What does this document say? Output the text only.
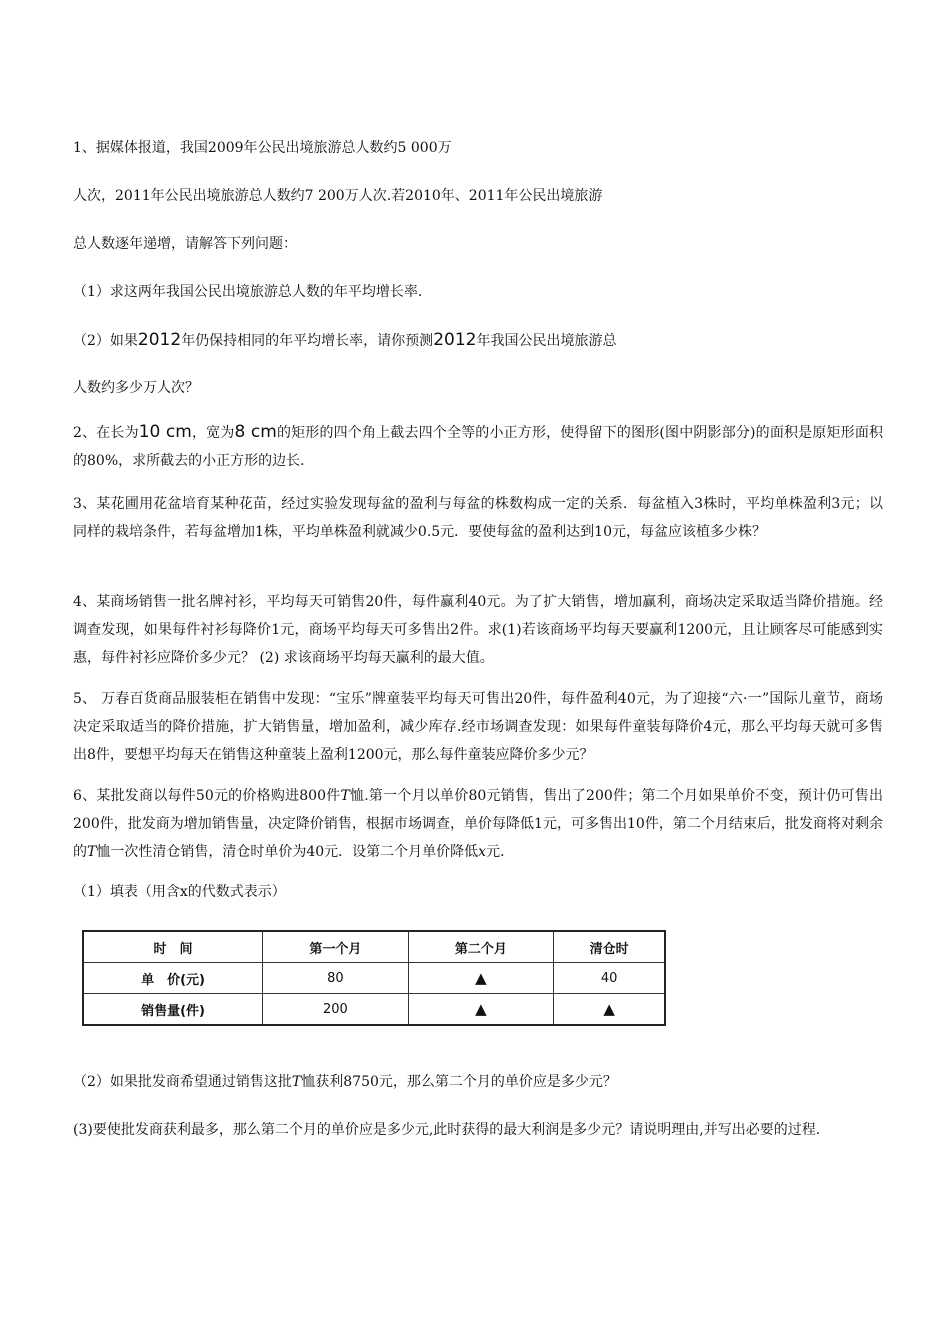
1、据媒体报道，我国2009年公民出境旅游总人数约5 000万
人次，2011年公民出境旅游总人数约7 200万人次.若2010年、2011年公民出境旅游
总人数逐年递增，请解答下列问题：
（1）求这两年我国公民出境旅游总人数的年平均增长率.
（2）如果2012年仍保持相同的年平均增长率，请你预测2012年我国公民出境旅游总
人数约多少万人次？
2、在长为10 cm，宽为8 cm的矩形的四个角上截去四个全等的小正方形，使得留下的图形(图中阴影部分)的面积是原矩形面积的80%，求所截去的小正方形的边长.
3、某花圃用花盆培育某种花苗，经过实验发现每盆的盈利与每盆的株数构成一定的关系．每盆植入3株时，平均单株盈利3元；以同样的栽培条件，若每盆增加1株，平均单株盈利就减少0.5元．要使每盆的盈利达到10元，每盆应该植多少株？
4、某商场销售一批名牌衬衫，平均每天可销售20件，每件赢利40元。为了扩大销售，增加赢利，商场决定采取适当降价措施。经调查发现，如果每件衬衫每降价1元，商场平均每天可多售出2件。求(1)若该商场平均每天要赢利1200元，且让顾客尽可能感到实惠，每件衬衫应降价多少元？ (2) 求该商场平均每天赢利的最大值。
5、 万春百货商品服装柜在销售中发现：“宝乐”牌童装平均每天可售出20件，每件盈利40元，为了迎接“六·一”国际儿童节，商场决定采取适当的降价措施，扩大销售量，增加盈利，减少库存.经市场调查发现：如果每件童装每降价4元，那么平均每天就可多售出8件，要想平均每天在销售这种童装上盈利1200元，那么每件童装应降价多少元？
6、某批发商以每件50元的价格购进800件T恤.第一个月以单价80元销售，售出了200件；第二个月如果单价不变，预计仍可售出200件，批发商为增加销售量，决定降价销售，根据市场调查，单价每降低1元，可多售出10件，第二个月结束后，批发商将对剩余的T恤一次性清仓销售，清仓时单价为40元．设第二个月单价降低x元．
（1）填表（用含x的代数式表示）
时　间	第一个月	第二个月	清仓时
单　价(元)	80	▲	40
销售量(件)	200	▲	▲
（2）如果批发商希望通过销售这批T恤获利8750元，那么第二个月的单价应是多少元？
(3)要使批发商获利最多，那么第二个月的单价应是多少元,此时获得的最大利润是多少元？请说明理由,并写出必要的过程.
